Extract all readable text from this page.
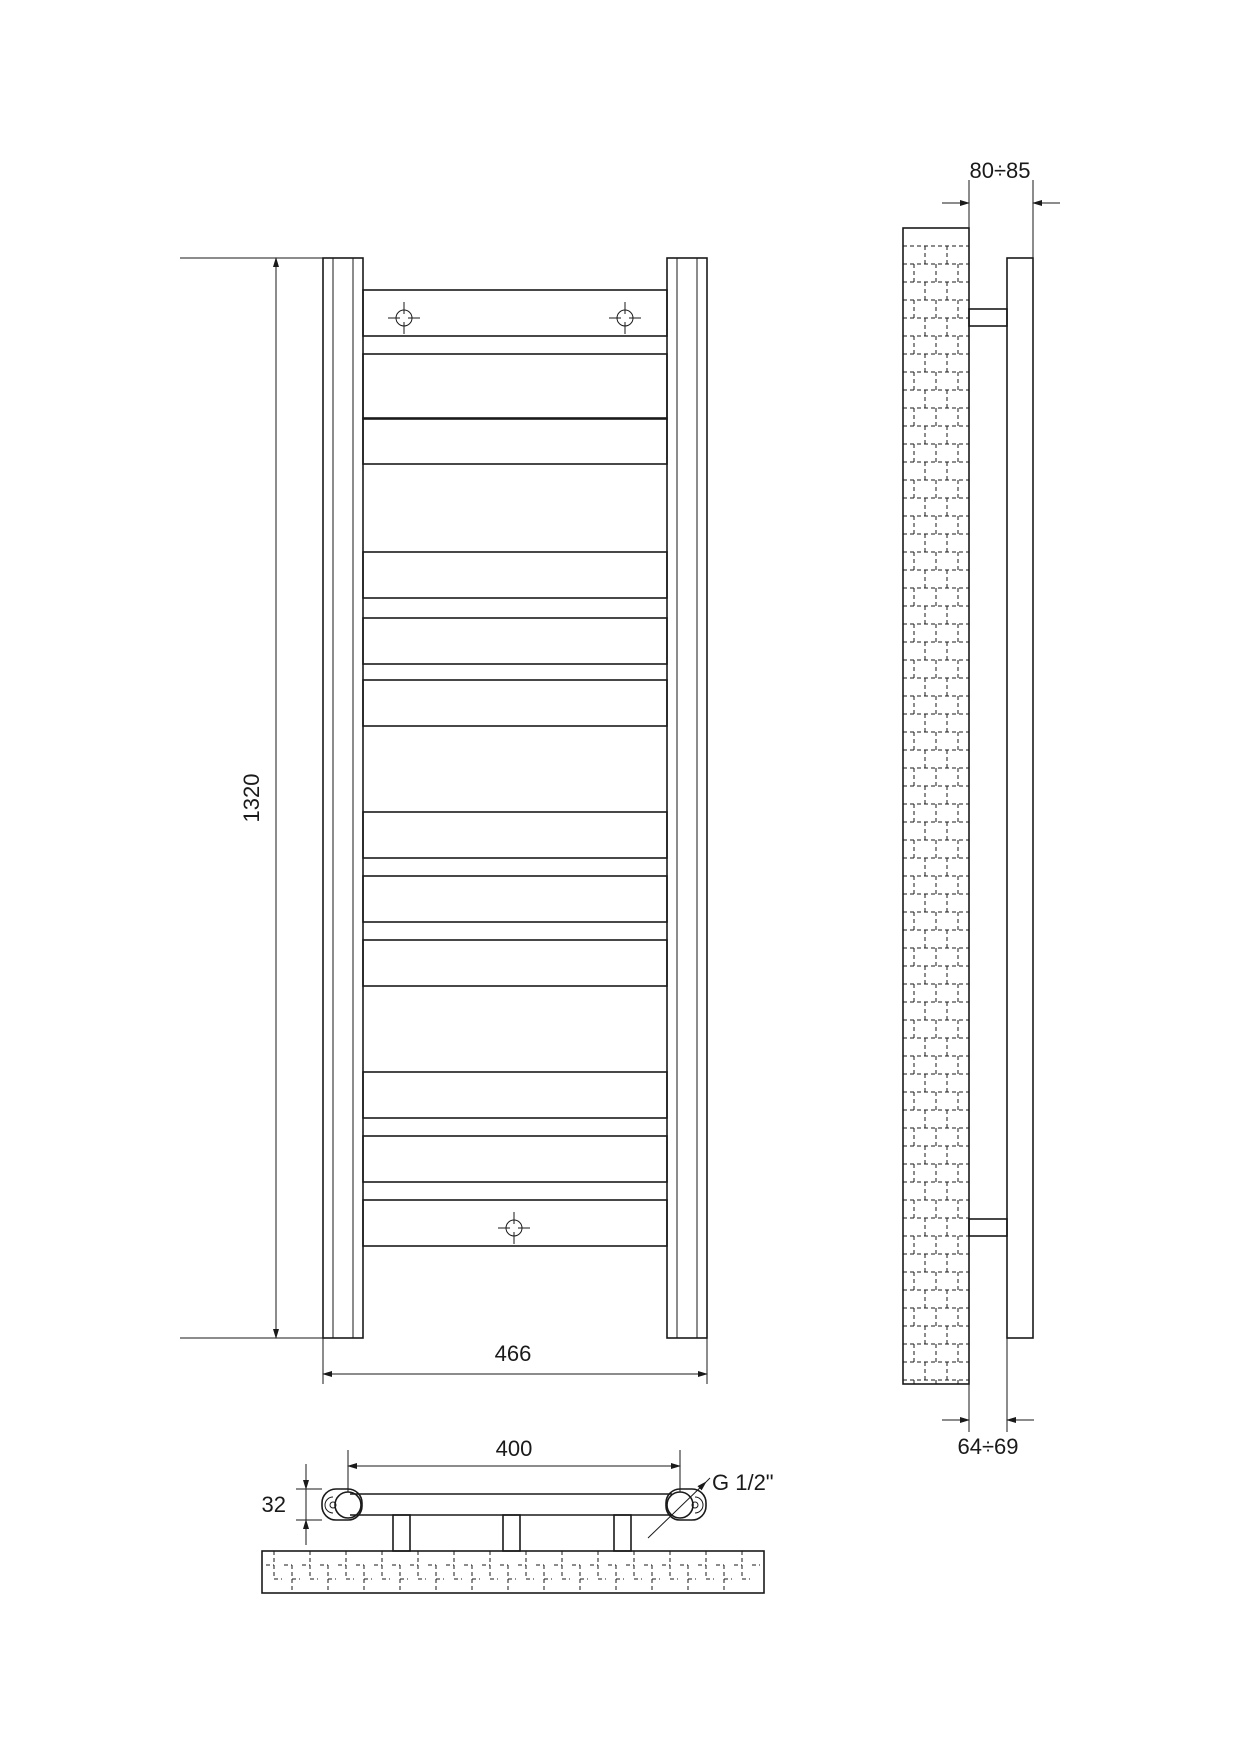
1320
466
80÷85
64÷69
400
32
G 1/2"
